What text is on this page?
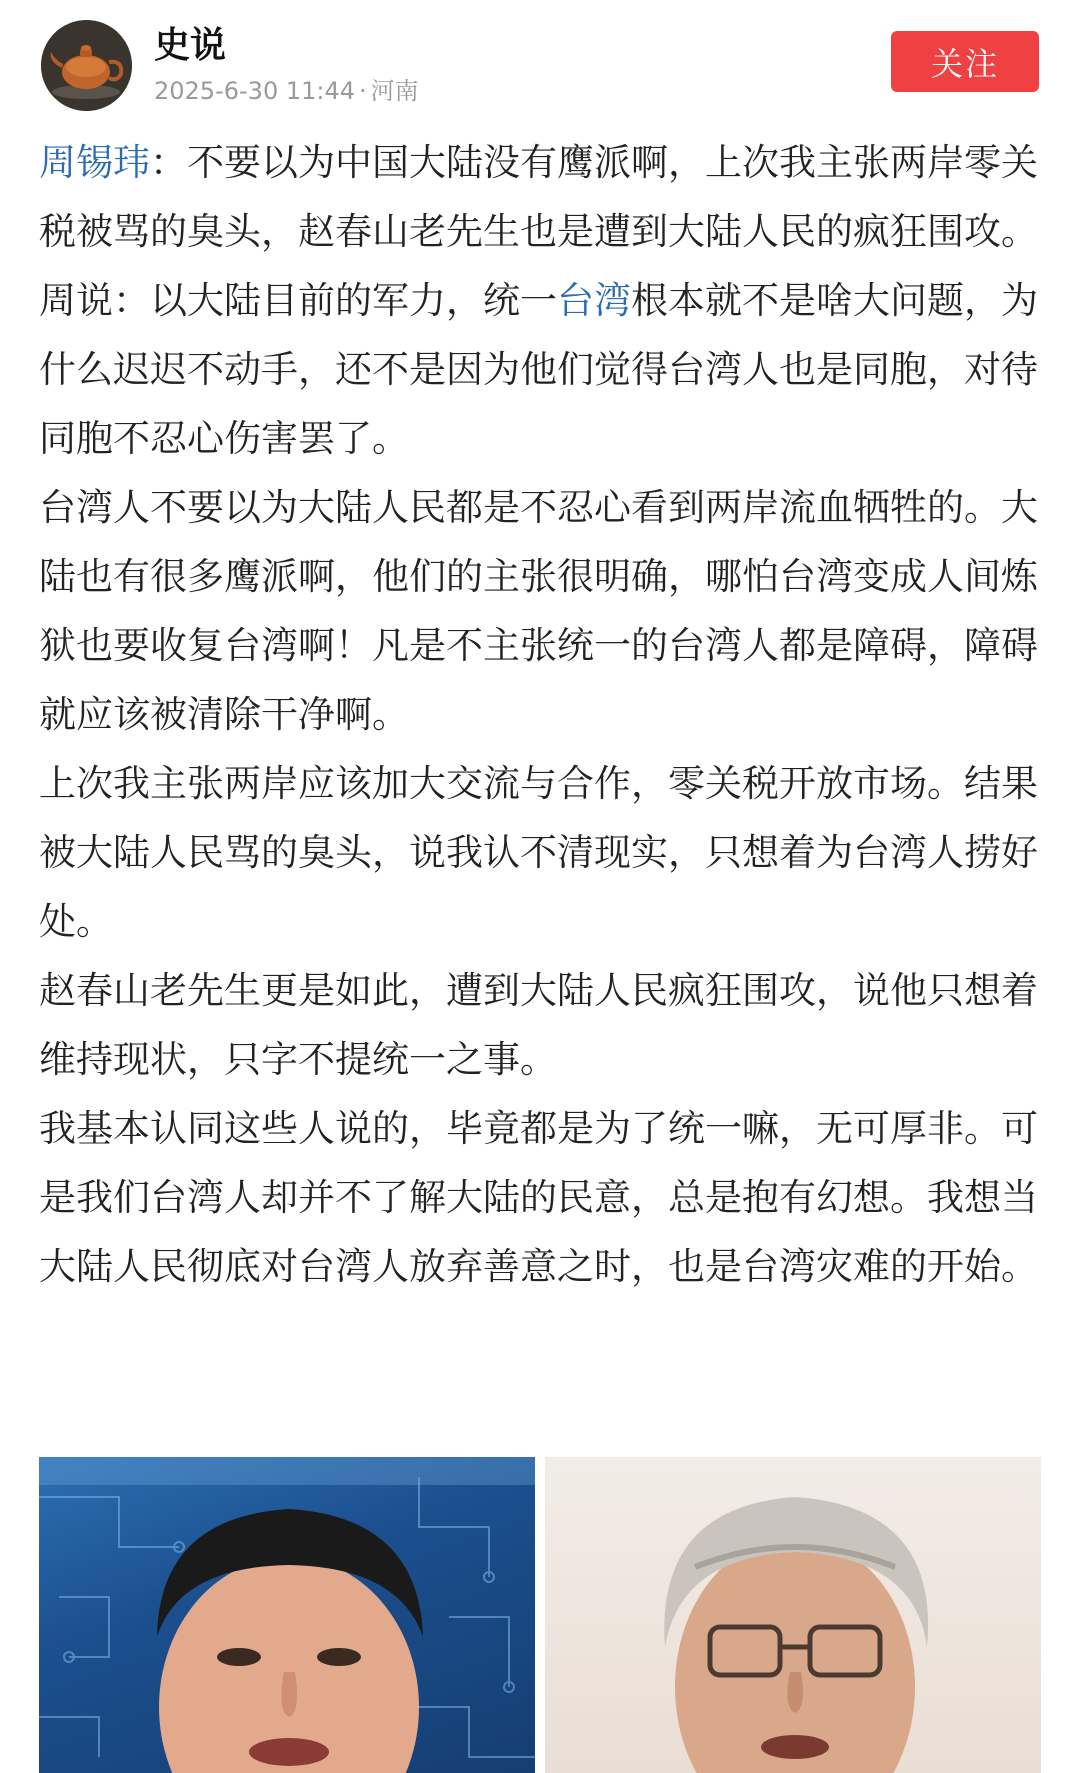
史说
2025-6-30 11:44 · 河南
关注

周锡玮：不要以为中国大陆没有鹰派啊，上次我主张两岸零关税被骂的臭头，赵春山老先生也是遭到大陆人民的疯狂围攻。

周说：以大陆目前的军力，统一台湾根本就不是啥大问题，为什么迟迟不动手，还不是因为他们觉得台湾人也是同胞，对待同胞不忍心伤害罢了。

台湾人不要以为大陆人民都是不忍心看到两岸流血牺牲的。大陆也有很多鹰派啊，他们的主张很明确，哪怕台湾变成人间炼狱也要收复台湾啊！凡是不主张统一的台湾人都是障碍，障碍就应该被清除干净啊。

上次我主张两岸应该加大交流与合作，零关税开放市场。结果被大陆人民骂的臭头，说我认不清现实，只想着为台湾人捞好处。

赵春山老先生更是如此，遭到大陆人民疯狂围攻，说他只想着维持现状，只字不提统一之事。

我基本认同这些人说的，毕竟都是为了统一嘛，无可厚非。可是我们台湾人却并不了解大陆的民意，总是抱有幻想。我想当大陆人民彻底对台湾人放弃善意之时，也是台湾灾难的开始。
